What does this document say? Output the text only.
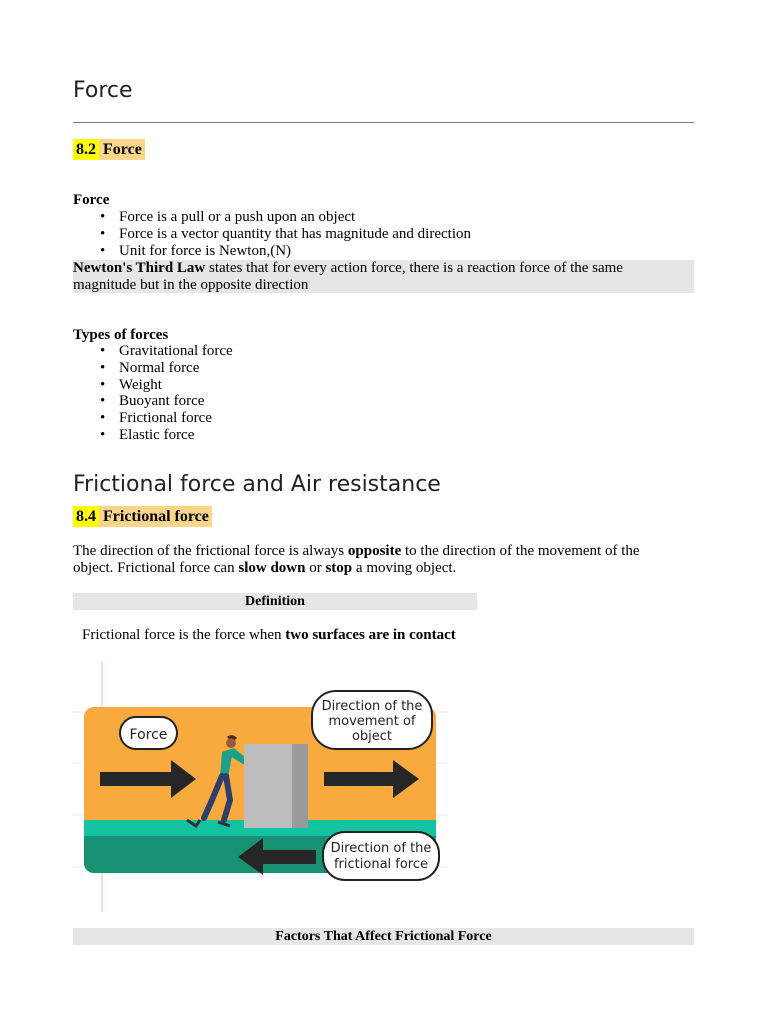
Force
8.2 Force
Force
• Force is a pull or a push upon an object
• Force is a vector quantity that has magnitude and direction
• Unit for force is Newton,(N)
Newton's Third Law states that for every action force, there is a reaction force of the same
magnitude but in the opposite direction
Types of forces
• Gravitational force
• Normal force
• Weight
• Buoyant force
• Frictional force
• Elastic force
Frictional force and Air resistance
8.4 Frictional force
The direction of the frictional force is always opposite to the direction of the movement of the
object. Frictional force can slow down or stop a moving object.
Definition
Frictional force is the force when two surfaces are in contact
Force
Direction of the
movement of
object
Direction of the
frictional force
Factors That Affect Frictional Force
